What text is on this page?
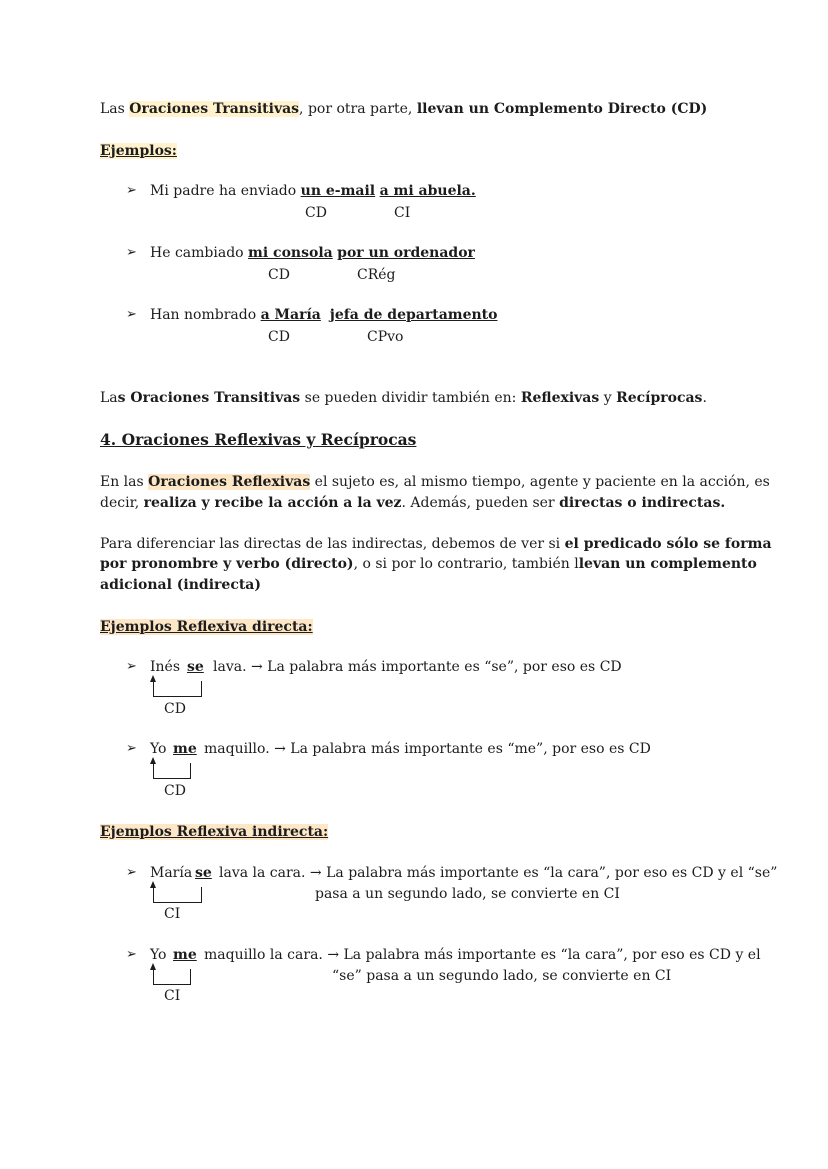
Las Oraciones Transitivas, por otra parte, llevan un Complemento Directo (CD)
Ejemplos:
➢ Mi padre ha enviado un e-mail a mi abuela.
CD	CI
➢ He cambiado mi consola por un ordenador
CD	CRég
➢ Han nombrado a María jefa de departamento
CD	CPvo
Las Oraciones Transitivas se pueden dividir también en: Reflexivas y Recíprocas.
4. Oraciones Reflexivas y Recíprocas
En las Oraciones Reflexivas el sujeto es, al mismo tiempo, agente y paciente en la acción, es
decir, realiza y recibe la acción a la vez. Además, pueden ser directas o indirectas.
Para diferenciar las directas de las indirectas, debemos de ver si el predicado sólo se forma
por pronombre y verbo (directo), o si por lo contrario, también llevan un complemento
adicional (indirecta)
Ejemplos Reflexiva directa:
➢ Inés se lava. → La palabra más importante es “se”, por eso es CD
CD
➢ Yo me maquillo. → La palabra más importante es “me”, por eso es CD
CD
Ejemplos Reflexiva indirecta:
➢ María se lava la cara. → La palabra más importante es “la cara”, por eso es CD y el “se”
pasa a un segundo lado, se convierte en CI
CI
➢ Yo me maquillo la cara. → La palabra más importante es “la cara”, por eso es CD y el
“se” pasa a un segundo lado, se convierte en CI
CI
